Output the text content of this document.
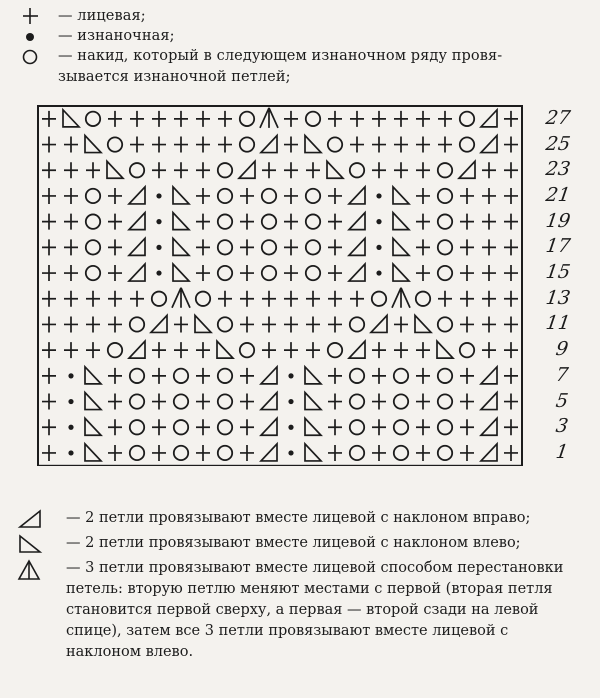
— лицевая;
— изнаночная;
— накид, который в следующем изнаночном ряду провя-
зывается изнаночной петлей;
27
25
23
21
19
17
15
13
11
9
7
5
3
1
— 2 петли провязывают вместе лицевой с наклоном вправо;
— 2 петли провязывают вместе лицевой с наклоном влево;
— 3 петли провязывают вместе лицевой способом перестановки петель: вторую петлю меняют местами с первой (вторая петля становится первой сверху, а первая — второй сзади на левой спице), затем все 3 петли провязывают вместе лицевой с наклоном влево.
